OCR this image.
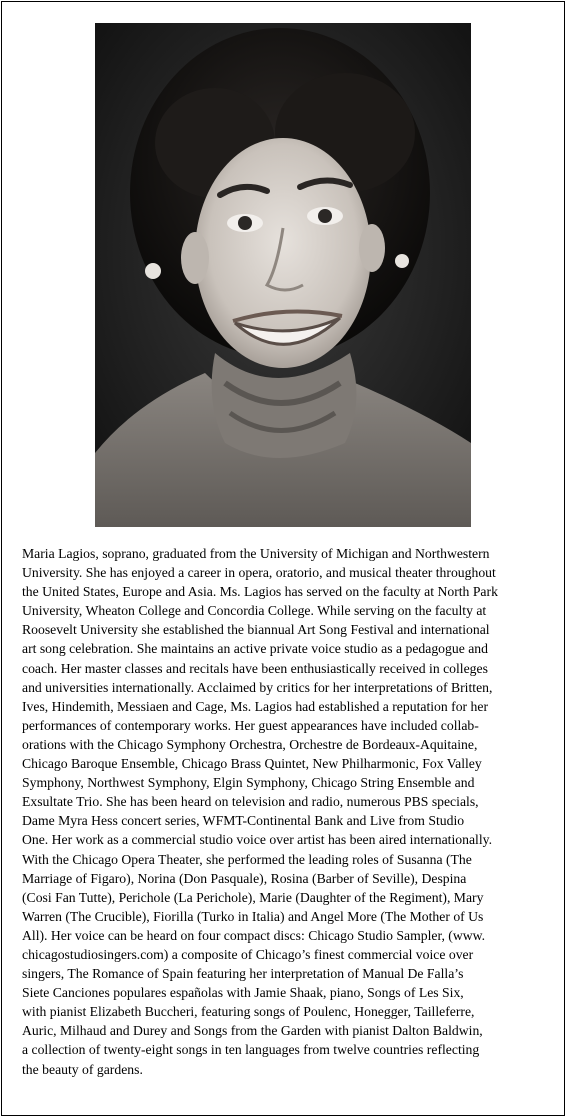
Maria Lagios, soprano, graduated from the University of Michigan and Northwestern
University. She has enjoyed a career in opera, oratorio, and musical theater throughout
the United States, Europe and Asia. Ms. Lagios has served on the faculty at North Park
University, Wheaton College and Concordia College. While serving on the faculty at
Roosevelt University she established the biannual Art Song Festival and international
art song celebration. She maintains an active private voice studio as a pedagogue and
coach. Her master classes and recitals have been enthusiastically received in colleges
and universities internationally. Acclaimed by critics for her interpretations of Britten,
Ives, Hindemith, Messiaen and Cage, Ms. Lagios had established a reputation for her
performances of contemporary works. Her guest appearances have included collab-
orations with the Chicago Symphony Orchestra, Orchestre de Bordeaux-Aquitaine,
Chicago Baroque Ensemble, Chicago Brass Quintet, New Philharmonic, Fox Valley
Symphony, Northwest Symphony, Elgin Symphony, Chicago String Ensemble and
Exsultate Trio. She has been heard on television and radio, numerous PBS specials,
Dame Myra Hess concert series, WFMT-Continental Bank and Live from Studio
One. Her work as a commercial studio voice over artist has been aired internationally.
With the Chicago Opera Theater, she performed the leading roles of Susanna (The
Marriage of Figaro), Norina (Don Pasquale), Rosina (Barber of Seville), Despina
(Cosi Fan Tutte), Perichole (La Perichole), Marie (Daughter of the Regiment), Mary
Warren (The Crucible), Fiorilla (Turko in Italia) and Angel More (The Mother of Us
All). Her voice can be heard on four compact discs: Chicago Studio Sampler, (www.
chicagostudiosingers.com) a composite of Chicago’s finest commercial voice over
singers, The Romance of Spain featuring her interpretation of Manual De Falla’s
Siete Canciones populares españolas with Jamie Shaak, piano, Songs of Les Six,
with pianist Elizabeth Buccheri, featuring songs of Poulenc, Honegger, Tailleferre,
Auric, Milhaud and Durey and Songs from the Garden with pianist Dalton Baldwin,
a collection of twenty-eight songs in ten languages from twelve countries reflecting
the beauty of gardens.
